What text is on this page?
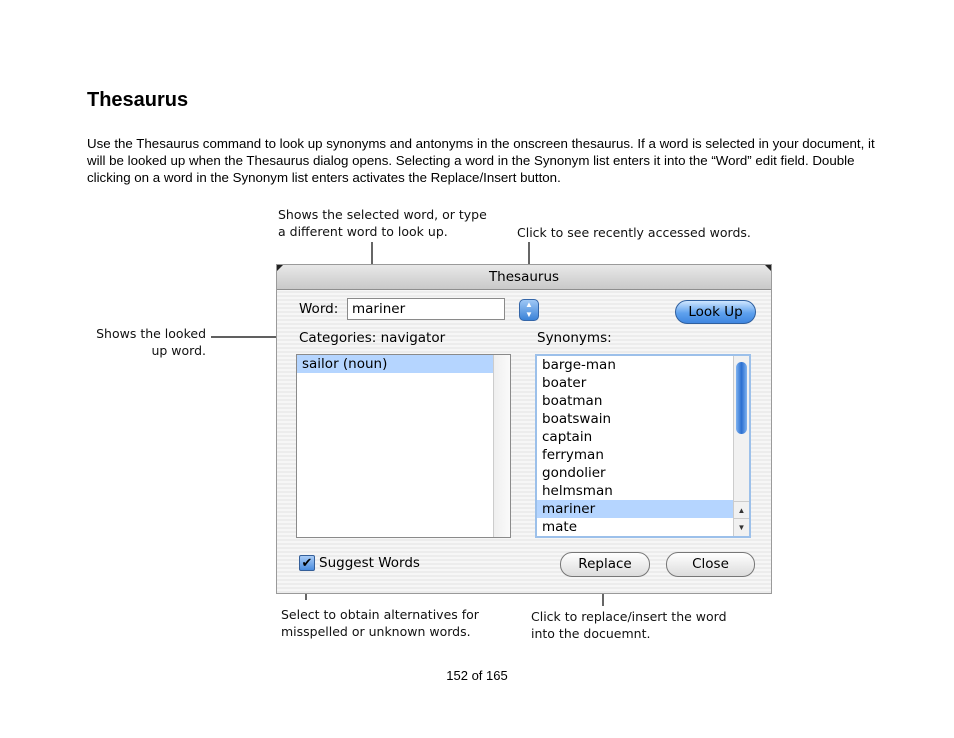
Thesaurus
Use the Thesaurus command to look up synonyms and antonyms in the onscreen thesaurus. If a word is selected in your document, it will be looked up when the Thesaurus dialog opens. Selecting a word in the Synonym list enters it into the “Word” edit field. Double clicking on a word in the Synonym list enters activates the Replace/Insert button.
Shows the selected word, or type
a different word to look up.	Click to see recently accessed words.
Shows the looked
up word.
Select to obtain alternatives for
misspelled or unknown words.
Click to replace/insert the word
into the docuemnt.
Thesaurus
Word:
mariner	▲
▼	Look Up
Categories: navigator	Synonyms:
sailor (noun)	barge-man
boater
boatman
boatswain
captain
ferryman
gondolier
helmsman
mariner
mate
▲
▼
✔ Suggest Words	Replace	Close
152 of 165
